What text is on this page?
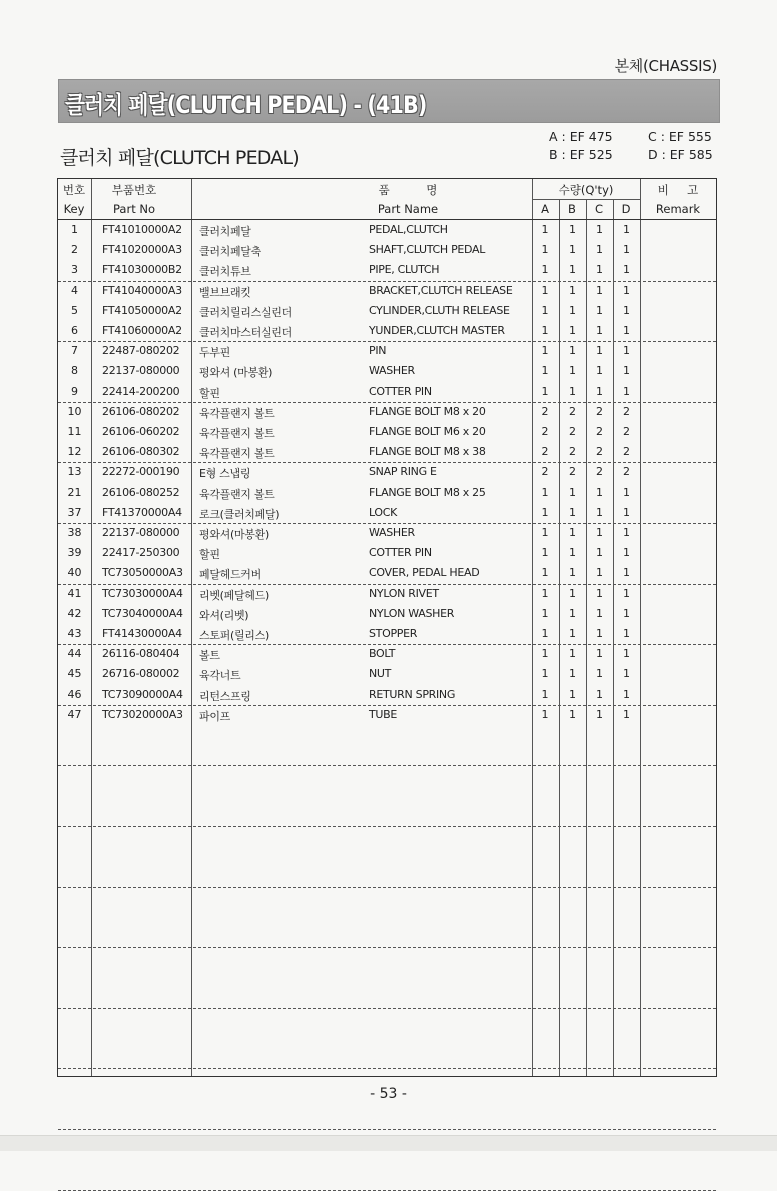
본체(CHASSIS)
클러치 페달(CLUTCH PEDAL) - (41B)
클러치 페달(CLUTCH PEDAL)
A : EF 475
B : EF 525
C : EF 555
D : EF 585
번호
Key
부품번호
Part No
품          명
Part Name
수량(Q'ty)
A B C D
비     고
Remark
1	FT41010000A2 클러치페달	PEDAL,CLUTCH	1	1	1	1
2	FT41020000A3 클러치페달축	SHAFT,CLUTCH PEDAL	1	1	1	1
3	FT41030000B2 클러치튜브	PIPE, CLUTCH	1	1	1	1
4	FT41040000A3 밸브브래킷	BRACKET,CLUTCH RELEASE	1	1	1	1
5	FT41050000A2 클러치릴리스실린더	CYLINDER,CLUTH RELEASE	1	1	1	1
6	FT41060000A2 클러치마스터실린더	YUNDER,CLUTCH MASTER	1	1	1	1
7	22487-080202 두부핀	PIN	1	1	1	1
8	22137-080000 평와셔 (마봉환)	WASHER	1	1	1	1
9	22414-200200 할핀	COTTER PIN	1	1	1	1
10	26106-080202 육각플랜지 볼트	FLANGE BOLT M8 x 20	2	2	2	2
11	26106-060202 육각플랜지 볼트	FLANGE BOLT M6 x 20	2	2	2	2
12	26106-080302 육각플랜지 볼트	FLANGE BOLT M8 x 38	2	2	2	2
13	22272-000190 E형 스냅링	SNAP RING E	2	2	2	2
21	26106-080252 육각플랜지 볼트	FLANGE BOLT M8 x 25	1	1	1	1
37	FT41370000A4 로크(클러치페달)	LOCK	1	1	1	1
38	22137-080000 평와셔(마봉환)	WASHER	1	1	1	1
39	22417-250300 할핀	COTTER PIN	1	1	1	1
40	TC73050000A3 페달헤드커버	COVER, PEDAL HEAD	1	1	1	1
41	TC73030000A4 리벳(페달헤드)	NYLON RIVET	1	1	1	1
42	TC73040000A4 와셔(리벳)	NYLON WASHER	1	1	1	1
43	FT41430000A4 스토퍼(릴리스)	STOPPER	1	1	1	1
44	26116-080404 볼트	BOLT	1	1	1	1
45	26716-080002 육각너트	NUT	1	1	1	1
46	TC73090000A4 리턴스프링	RETURN SPRING	1	1	1	1
47	TC73020000A3 파이프	TUBE	1	1	1	1
- 53 -
